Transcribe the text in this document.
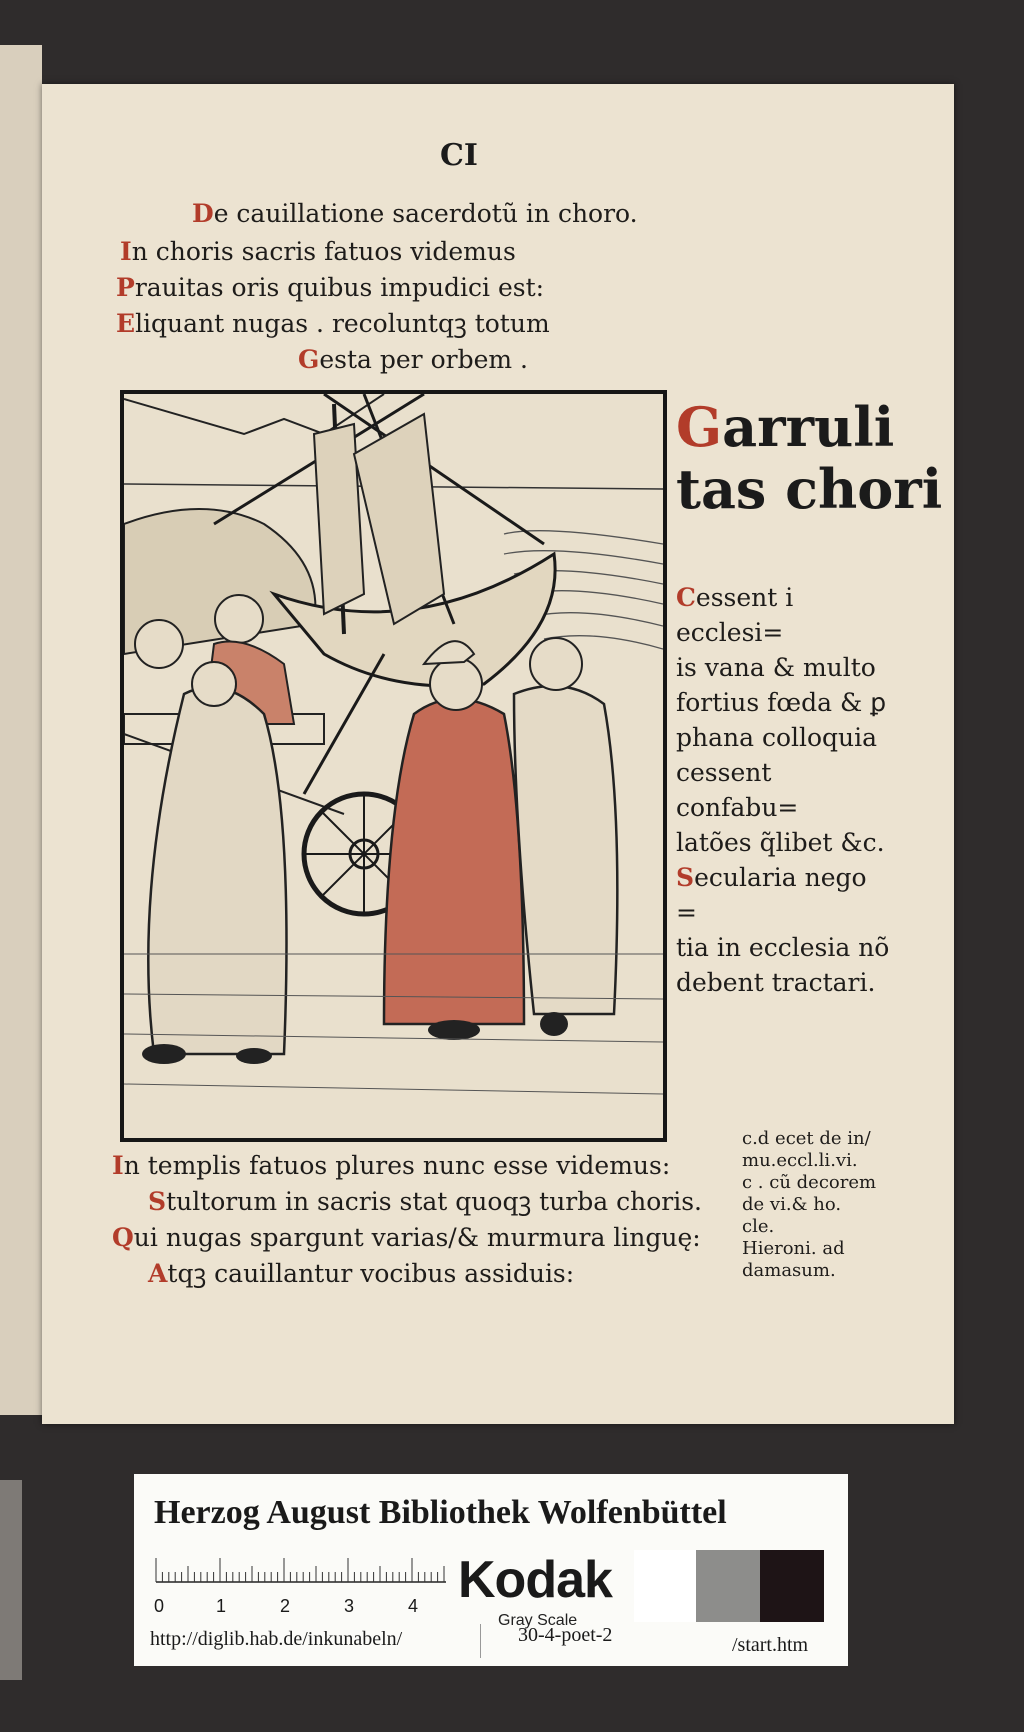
CI
De cauillatione sacerdotũ in choro.
In choris sacris fatuos videmus
Prauitas oris quibus impudici est:
Eliquant nugas . recoluntqꝫ totum
Gesta per orbem .
Garruli
tas chori
Cessent i ecclesi=
is vana & multo
fortius fœda & ꝑ
phana colloquia
cessent confabu=
latões q̃libet &c.
Secularia nego =
tia in ecclesia nõ
debent tractari.
In templis fatuos plures nunc esse videmus:
Stultorum in sacris stat quoqꝫ turba choris.
Qui nugas spargunt varias/& murmura linguę:
Atqꝫ cauillantur vocibus assiduis:
c.d ecet de in/
mu.eccl.li.vi.
c . cũ decorem
de vi.& ho.
cle.
Hieroni. ad
damasum.
Herzog August Bibliothek Wolfenbüttel
0	1	2	3	4 Kodak
Gray Scale
http://diglib.hab.de/inkunabeln/	30-4-poet-2	/start.htm
